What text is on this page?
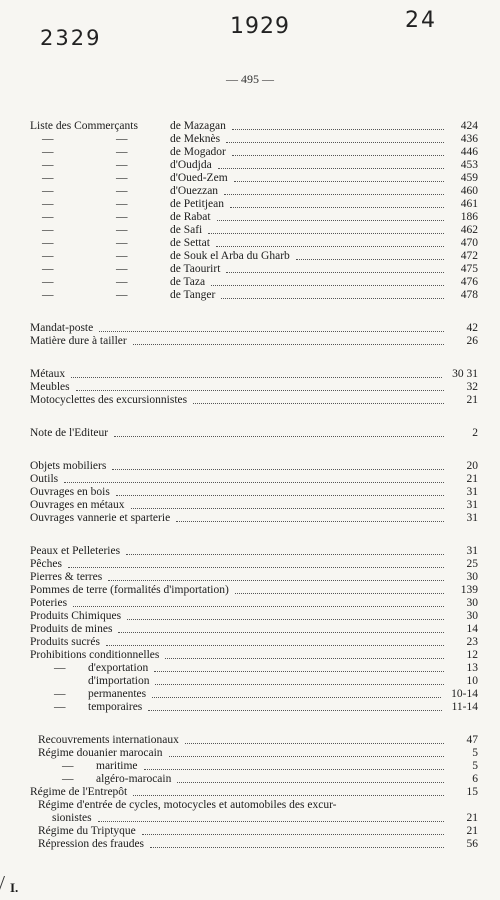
2329	1929	24
— 495 —
Liste des Commerçants	de Mazagan	424
—	—	de Meknès	436
—	—	de Mogador	446
—	—	d'Oudjda	453
—	—	d'Oued-Zem	459
—	—	d'Ouezzan	460
—	—	de Petitjean	461
—	—	de Rabat	186
—	—	de Safi	462
—	—	de Settat	470
—	—	de Souk el Arba du Gharb	472
—	—	de Taourirt	475
—	—	de Taza	476
—	—	de Tanger	478
Mandat-poste	42
Matière dure à tailler	26
Métaux	30 31
Meubles	32
Motocyclettes des excursionnistes	21
Note de l'Editeur	2
Objets mobiliers	20
Outils	21
Ouvrages en bois	31
Ouvrages en métaux	31
Ouvrages vannerie et sparterie	31
Peaux et Pelleteries	31
Pêches	25
Pierres & terres	30
Pommes de terre (formalités d'importation)	139
Poteries	30
Produits Chimiques	30
Produits de mines	14
Produits sucrés	23
Prohibitions conditionnelles	12
— d'exportation	13
d'importation	10
— permanentes	10-14
— temporaires	11-14
Recouvrements internationaux	47
Régime douanier marocain	5
— maritime	5
— algéro-marocain	6
Régime de l'Entrepôt	15
Régime d'entrée de cycles, motocycles et automobiles des excur-
sionistes	21
Régime du Triptyque	21
Répression des fraudes	56
I.
